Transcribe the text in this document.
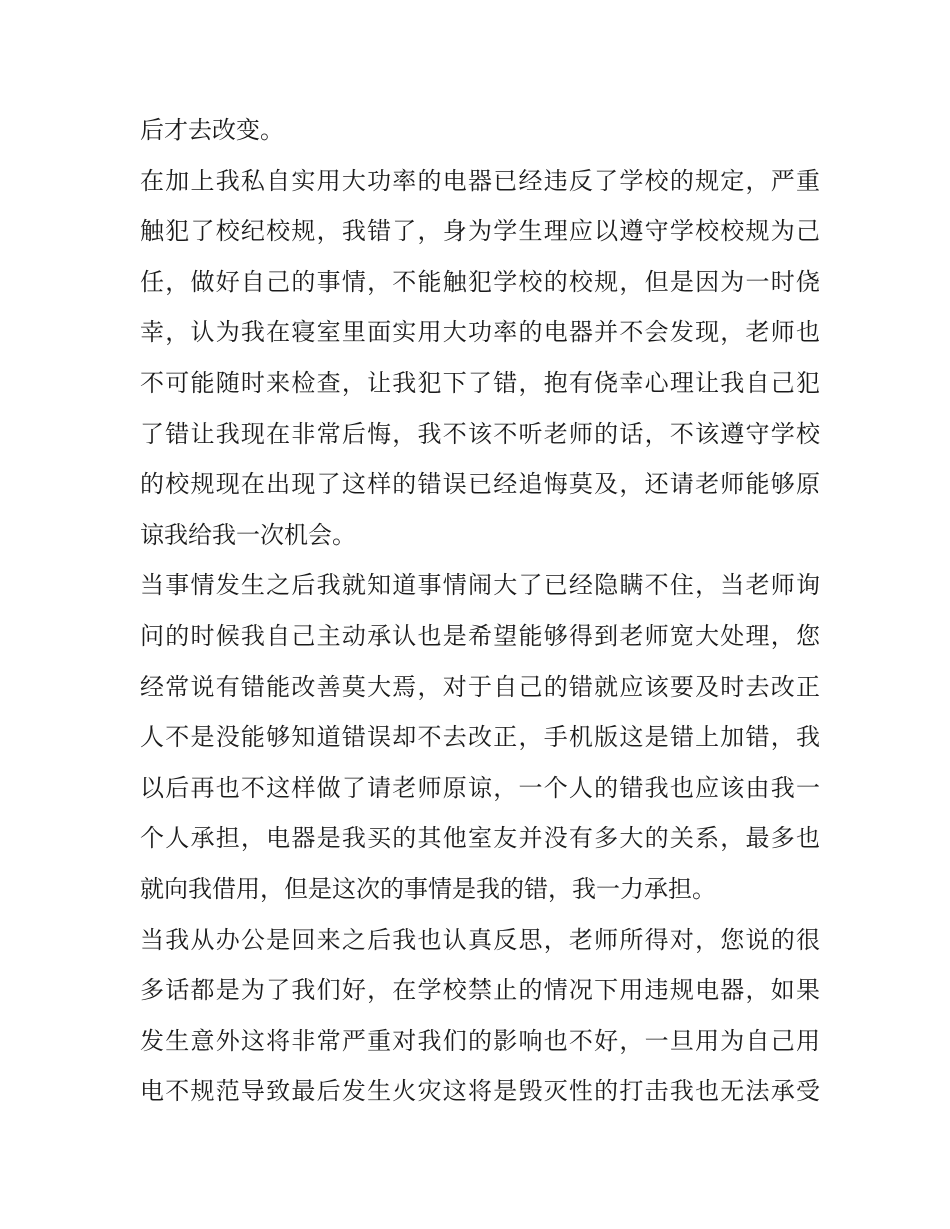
后才去改变。
在加上我私自实用大功率的电器已经违反了学校的规定，严重
触犯了校纪校规，我错了，身为学生理应以遵守学校校规为己
任，做好自己的事情，不能触犯学校的校规，但是因为一时侥
幸，认为我在寝室里面实用大功率的电器并不会发现，老师也
不可能随时来检查，让我犯下了错，抱有侥幸心理让我自己犯
了错让我现在非常后悔，我不该不听老师的话，不该遵守学校
的校规现在出现了这样的错误已经追悔莫及，还请老师能够原
谅我给我一次机会。
当事情发生之后我就知道事情闹大了已经隐瞒不住，当老师询
问的时候我自己主动承认也是希望能够得到老师宽大处理，您
经常说有错能改善莫大焉，对于自己的错就应该要及时去改正
人不是没能够知道错误却不去改正，手机版这是错上加错，我
以后再也不这样做了请老师原谅，一个人的错我也应该由我一
个人承担，电器是我买的其他室友并没有多大的关系，最多也
就向我借用，但是这次的事情是我的错，我一力承担。
当我从办公是回来之后我也认真反思，老师所得对，您说的很
多话都是为了我们好，在学校禁止的情况下用违规电器，如果
发生意外这将非常严重对我们的影响也不好，一旦用为自己用
电不规范导致最后发生火灾这将是毁灭性的打击我也无法承受
